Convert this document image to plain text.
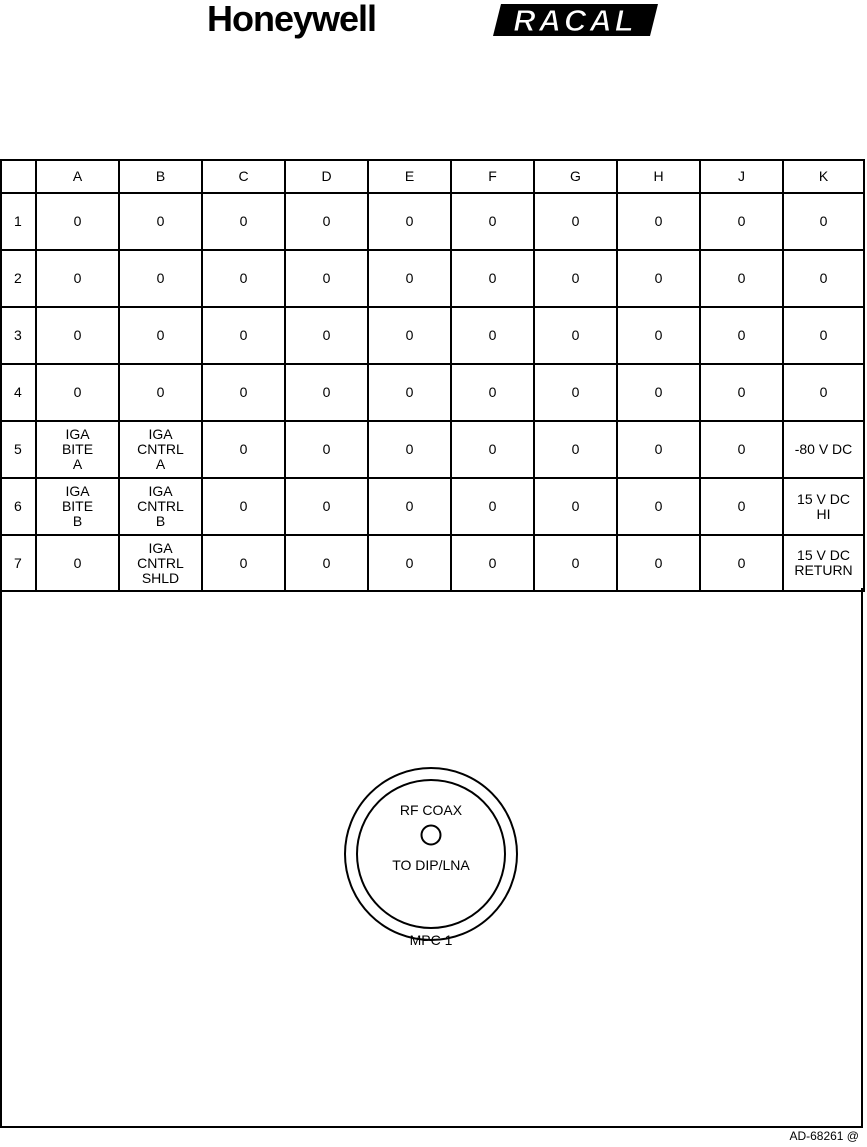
Honeywell	RACAL
	A	B	C	D	E	F	G	H	J	K
1	0	0	0	0	0	0	0	0	0	0
2	0	0	0	0	0	0	0	0	0	0
3	0	0	0	0	0	0	0	0	0	0
4	0	0	0	0	0	0	0	0	0	0
5	IGA
BITE
A	IGA
CNTRL
A	0	0	0	0	0	0	0	-80 V DC
6	IGA
BITE
B	IGA
CNTRL
B	0	0	0	0	0	0	0	15 V DC
HI
7	0	IGA
CNTRL
SHLD	0	0	0	0	0	0	0	15 V DC
RETURN
RF COAX
TO DIP/LNA
MPC 1
AD-68261 @
